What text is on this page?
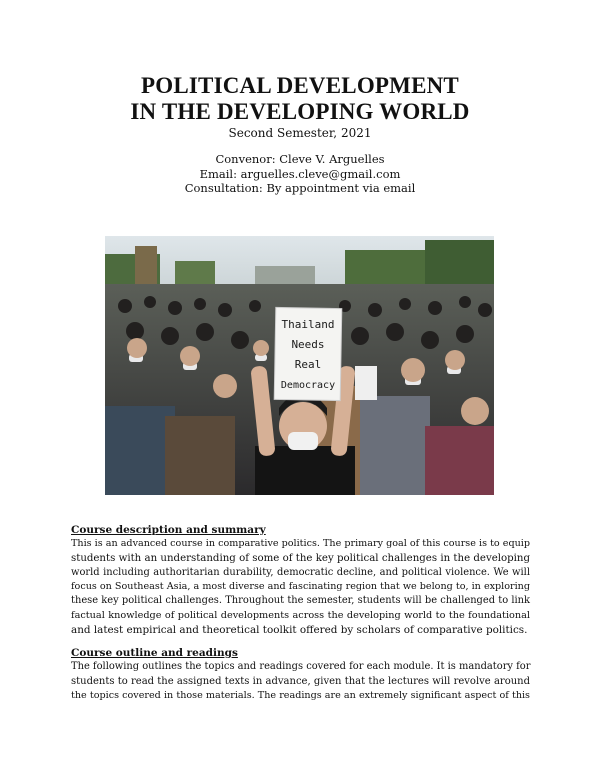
POLITICAL DEVELOPMENT
IN THE DEVELOPING WORLD
Second Semester, 2021
Convenor: Cleve V. Arguelles
Email: arguelles.cleve@gmail.com
Consultation: By appointment via email
Thailand
Needs
Real
Democracy
Course description and summary

This is an advanced course in comparative politics. The primary goal of this course is to equip
students with an understanding of some of the key political challenges in the developing
world including authoritarian durability, democratic decline, and political violence. We will
focus on Southeast Asia, a most diverse and fascinating region that we belong to, in exploring
these key political challenges. Throughout the semester, students will be challenged to link
factual knowledge of political developments across the developing world to the foundational
and latest empirical and theoretical toolkit offered by scholars of comparative politics.

Course outline and readings

The following outlines the topics and readings covered for each module. It is mandatory for
students to read the assigned texts in advance, given that the lectures will revolve around
the topics covered in those materials. The readings are an extremely significant aspect of this
